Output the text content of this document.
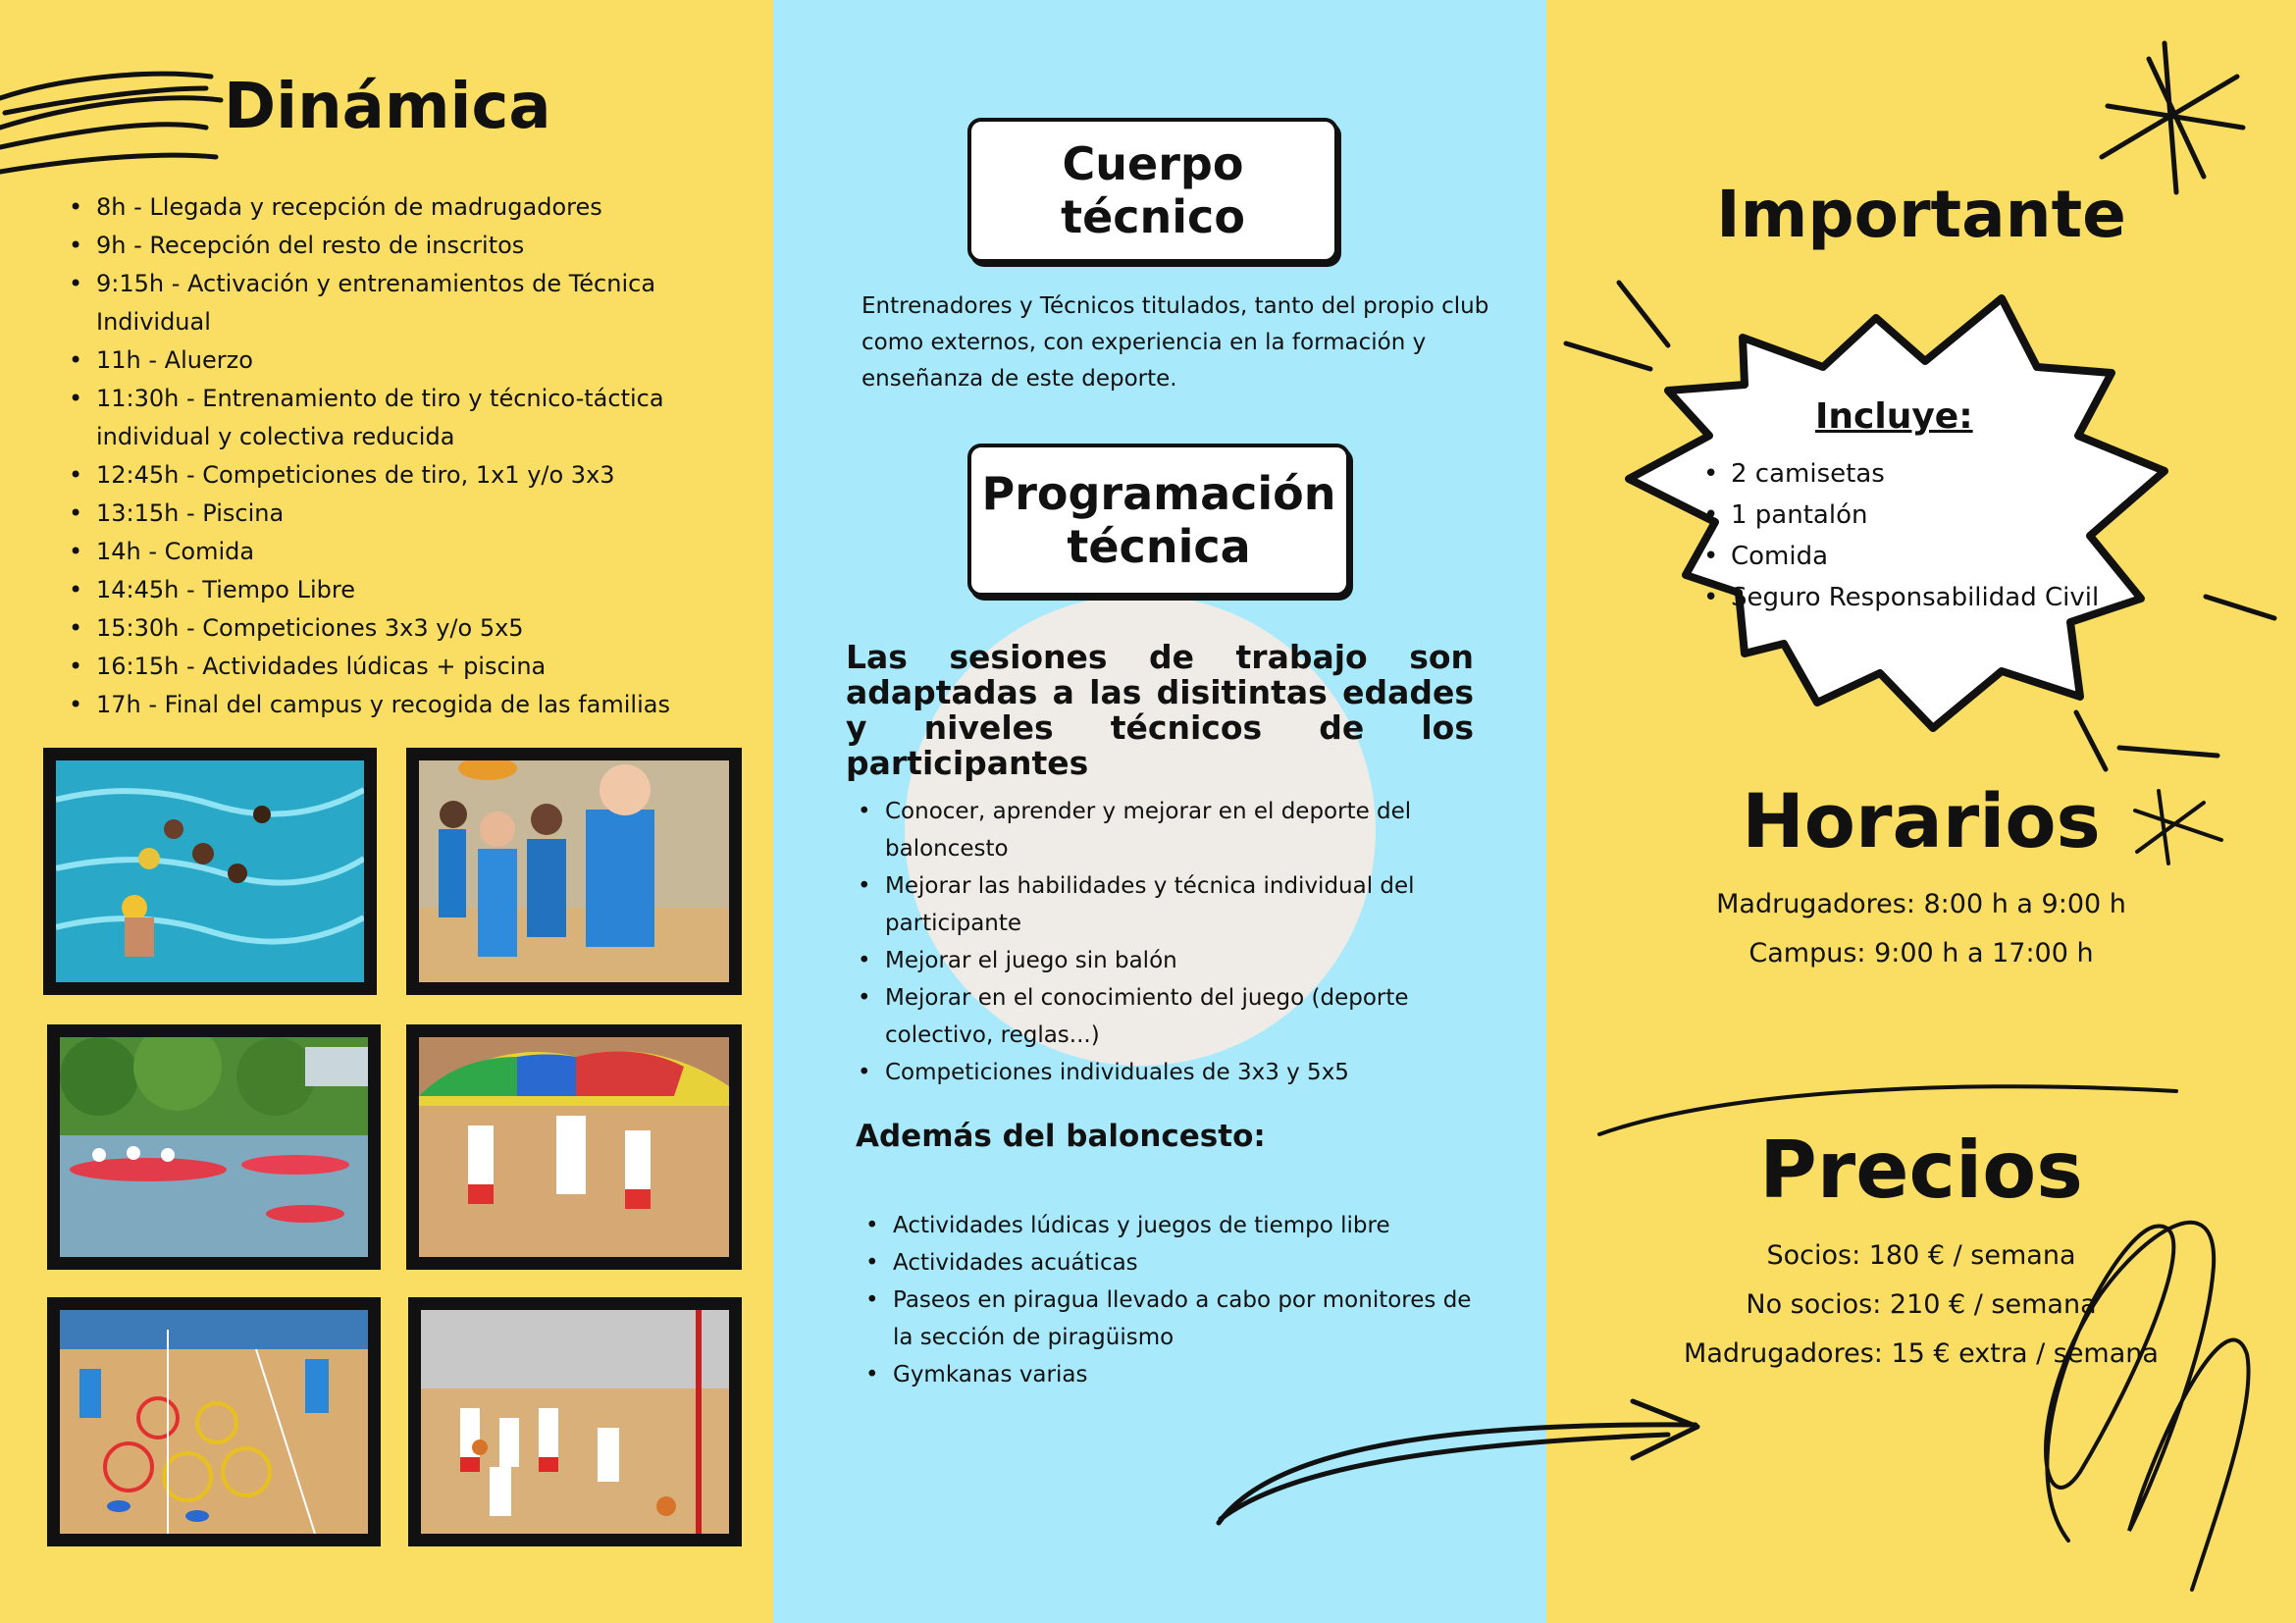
Dinámica
• 8h - Llegada y recepción de madrugadores
• 9h - Recepción del resto de inscritos
• 9:15h - Activación y entrenamientos de Técnica Individual
• 11h - Aluerzo
• 11:30h - Entrenamiento de tiro y técnico-táctica individual y colectiva reducida
• 12:45h - Competiciones de tiro, 1x1 y/o 3x3
• 13:15h - Piscina
• 14h - Comida
• 14:45h - Tiempo Libre
• 15:30h - Competiciones 3x3 y/o 5x5
• 16:15h - Actividades lúdicas + piscina
• 17h - Final del campus y recogida de las familias
Cuerpo
técnico
Entrenadores y Técnicos titulados, tanto del propio club como externos, con experiencia en la formación y enseñanza de este deporte.
Programación
técnica
Las sesiones de trabajo son adaptadas a las disitintas edades y niveles técnicos de los participantes
• Conocer, aprender y mejorar en el deporte del baloncesto
• Mejorar las habilidades y técnica individual del participante
• Mejorar el juego sin balón
• Mejorar en el conocimiento del juego (deporte colectivo, reglas...)
• Competiciones individuales de 3x3 y 5x5
Además del baloncesto:
• Actividades lúdicas y juegos de tiempo libre
• Actividades acuáticas
• Paseos en piragua llevado a cabo por monitores de la sección de piragüismo
• Gymkanas varias
Importante
Incluye:
• 2 camisetas
• 1 pantalón
• Comida
• Seguro Responsabilidad Civil
Horarios
Madrugadores: 8:00 h a 9:00 h
Campus: 9:00 h a 17:00 h
Precios
Socios: 180 € / semana
No socios: 210 € / semana
Madrugadores: 15 € extra / semana
